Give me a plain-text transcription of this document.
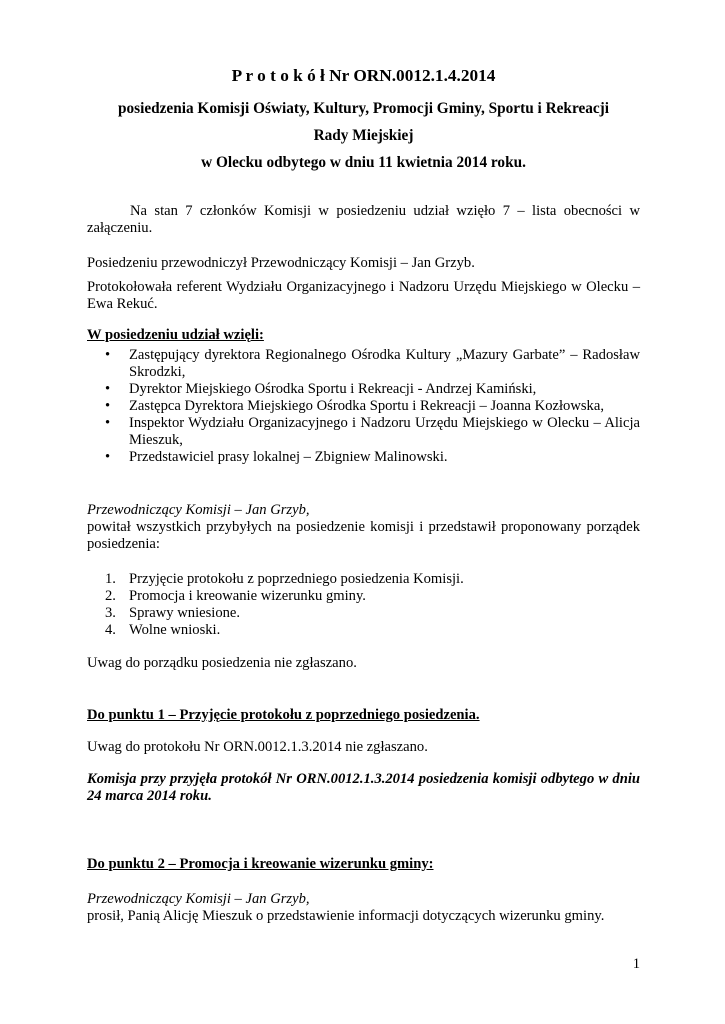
P r o t o k ó ł Nr ORN.0012.1.4.2014
posiedzenia Komisji Oświaty, Kultury, Promocji Gminy, Sportu i Rekreacji
Rady Miejskiej
w Olecku odbytego w dniu 11 kwietnia 2014 roku.
Na stan 7 członków Komisji w posiedzeniu udział wzięło 7 – lista obecności w załączeniu.
Posiedzeniu przewodniczył Przewodniczący Komisji – Jan Grzyb.
Protokołowała referent Wydziału Organizacyjnego i Nadzoru Urzędu Miejskiego w Olecku – Ewa Rekuć.
W posiedzeniu udział wzięli:
• Zastępujący dyrektora Regionalnego Ośrodka Kultury „Mazury Garbate” – Radosław Skrodzki,
• Dyrektor Miejskiego Ośrodka Sportu i Rekreacji - Andrzej Kamiński,
• Zastępca Dyrektora Miejskiego Ośrodka Sportu i Rekreacji – Joanna Kozłowska,
• Inspektor Wydziału Organizacyjnego i Nadzoru Urzędu Miejskiego w Olecku – Alicja Mieszuk,
• Przedstawiciel prasy lokalnej – Zbigniew Malinowski.
Przewodniczący Komisji – Jan Grzyb,
powitał wszystkich przybyłych na posiedzenie komisji i przedstawił proponowany porządek posiedzenia:
1. Przyjęcie protokołu z poprzedniego posiedzenia Komisji.
2. Promocja i kreowanie wizerunku gminy.
3. Sprawy wniesione.
4. Wolne wnioski.
Uwag do porządku posiedzenia nie zgłaszano.
Do punktu 1 – Przyjęcie protokołu z poprzedniego posiedzenia.
Uwag do protokołu Nr ORN.0012.1.3.2014 nie zgłaszano.
Komisja przy przyjęła protokół Nr ORN.0012.1.3.2014 posiedzenia komisji odbytego w dniu 24 marca 2014 roku.
Do punktu 2 – Promocja i kreowanie wizerunku gminy:
Przewodniczący Komisji – Jan Grzyb,
prosił, Panią Alicję Mieszuk o przedstawienie informacji dotyczących wizerunku gminy.
1
